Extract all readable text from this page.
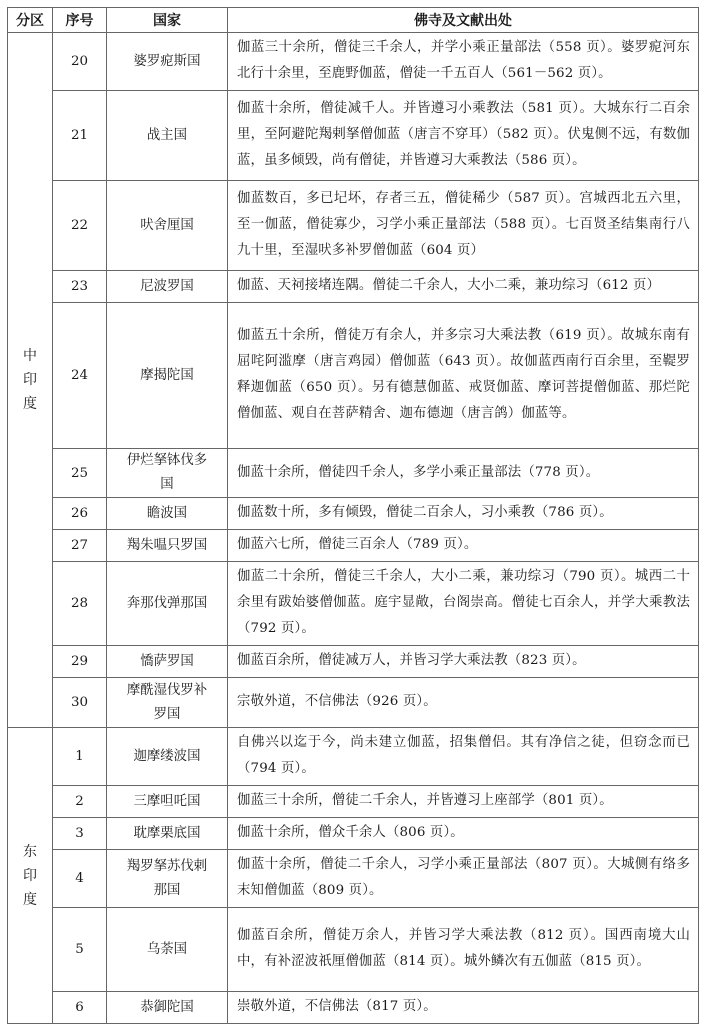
分区	序号	国家	佛寺及文献出处
中印度	20	婆罗痆斯国	伽蓝三十余所，僧徒三千余人，并学小乘正量部法（558 页）。婆罗痆河东北行十余里，至鹿野伽蓝，僧徒一千五百人（561－562 页）。
	21	战主国	伽蓝十余所，僧徒减千人。并皆遵习小乘教法（581 页）。大城东行二百余里，至阿避陀羯剌拏僧伽蓝（唐言不穿耳）（582 页）。伏鬼侧不远，有数伽蓝，虽多倾毁，尚有僧徒，并皆遵习大乘教法（586 页）。
	22	吠舍厘国	伽蓝数百，多已圮坏，存者三五，僧徒稀少（587 页）。宫城西北五六里，至一伽蓝，僧徒寡少，习学小乘正量部法（588 页）。七百贤圣结集南行八九十里，至湿吠多补罗僧伽蓝（604 页）
	23	尼波罗国	伽蓝、天祠接堵连隅。僧徒二千余人，大小二乘，兼功综习（612 页）
	24	摩揭陀国	伽蓝五十余所，僧徒万有余人，并多宗习大乘法教（619 页）。故城东南有屈咤阿滥摩（唐言鸡园）僧伽蓝（643 页）。故伽蓝西南行百余里，至鞮罗释迦伽蓝（650 页）。另有德慧伽蓝、戒贤伽蓝、摩诃菩提僧伽蓝、那烂陀僧伽蓝、观自在菩萨精舍、迦布德迦（唐言鸽）伽蓝等。
	25	伊烂拏钵伐多国	伽蓝十余所，僧徒四千余人，多学小乘正量部法（778 页）。
	26	瞻波国	伽蓝数十所，多有倾毁，僧徒二百余人，习小乘教（786 页）。
	27	羯朱嗢只罗国	伽蓝六七所，僧徒三百余人（789 页）。
	28	奔那伐弹那国	伽蓝二十余所，僧徒三千余人，大小二乘，兼功综习（790 页）。城西二十余里有跋始婆僧伽蓝。庭宇显敞，台阁崇高。僧徒七百余人，并学大乘教法（792 页）。
	29	憍萨罗国	伽蓝百余所，僧徒减万人，并皆习学大乘法教（823 页）。
	30	摩酰湿伐罗补罗国	宗敬外道，不信佛法（926 页）。
东印度	1	迦摩缕波国	自佛兴以迄于今，尚未建立伽蓝，招集僧侣。其有净信之徒，但窃念而已（794 页）。
	2	三摩呾吒国	伽蓝三十余所，僧徒二千余人，并皆遵习上座部学（801 页）。
	3	耽摩栗底国	伽蓝十余所，僧众千余人（806 页）。
	4	羯罗拏苏伐剌那国	伽蓝十余所，僧徒二千余人，习学小乘正量部法（807 页）。大城侧有络多末知僧伽蓝（809 页）。
	5	乌荼国	伽蓝百余所，僧徒万余人，并皆习学大乘法教（812 页）。国西南境大山中，有补涩波祇厘僧伽蓝（814 页）。城外鳞次有五伽蓝（815 页）。
	6	恭御陀国	崇敬外道，不信佛法（817 页）。
